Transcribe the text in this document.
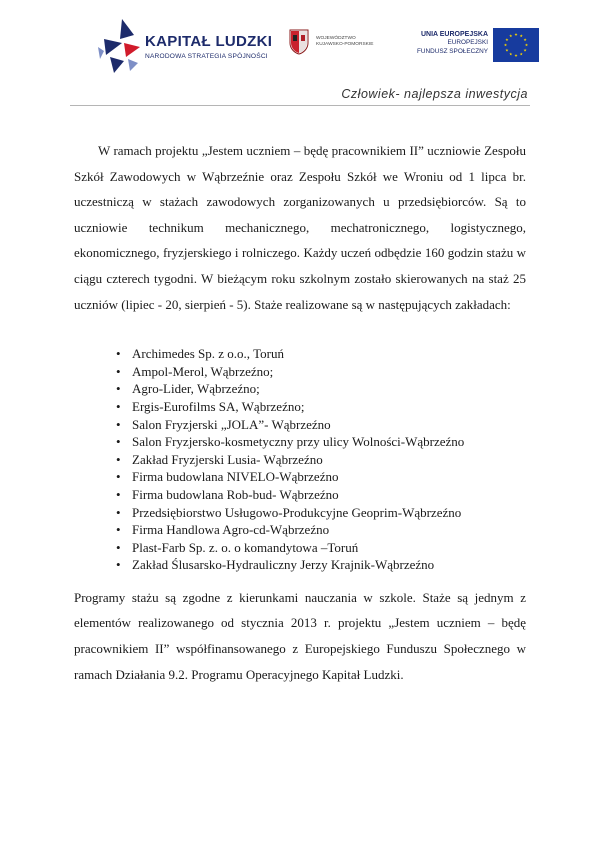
KAPITAŁ LUDZKI
NARODOWA STRATEGIA SPÓJNOŚCI
WOJEWÓDZTWO
KUJAWSKO-POMORSKIE
UNIA EUROPEJSKA
EUROPEJSKI
FUNDUSZ SPOŁECZNY
Człowiek- najlepsza inwestycja

W ramach projektu „Jestem uczniem – będę pracownikiem II” uczniowie Zespołu Szkół Zawodowych w Wąbrzeźnie oraz Zespołu Szkół we Wroniu od 1 lipca br. uczestniczą w stażach zawodowych zorganizowanych u przedsiębiorców. Są to uczniowie technikum mechanicznego, mechatronicznego, logistycznego, ekonomicznego, fryzjerskiego i rolniczego. Każdy uczeń odbędzie 160 godzin stażu w ciągu czterech tygodni. W bieżącym roku szkolnym zostało skierowanych na staż 25 uczniów (lipiec - 20, sierpień - 5). Staże realizowane są w następujących zakładach:

• Archimedes Sp. z o.o., Toruń
• Ampol-Merol, Wąbrzeźno;
• Agro-Lider, Wąbrzeźno;
• Ergis-Eurofilms SA, Wąbrzeźno;
• Salon Fryzjerski „JOLA”- Wąbrzeźno
• Salon Fryzjersko-kosmetyczny przy ulicy Wolności-Wąbrzeźno
• Zakład Fryzjerski Lusia- Wąbrzeźno
• Firma budowlana NIVELO-Wąbrzeźno
• Firma budowlana Rob-bud- Wąbrzeźno
• Przedsiębiorstwo Usługowo-Produkcyjne Geoprim-Wąbrzeźno
• Firma Handlowa Agro-cd-Wąbrzeźno
• Plast-Farb Sp. z. o. o komandytowa –Toruń
• Zakład Ślusarsko-Hydrauliczny Jerzy Krajnik-Wąbrzeźno

Programy stażu są zgodne z kierunkami nauczania w szkole. Staże są jednym z elementów realizowanego od stycznia 2013 r. projektu „Jestem uczniem – będę pracownikiem II” współfinansowanego z Europejskiego Funduszu Społecznego w ramach Działania 9.2. Programu Operacyjnego Kapitał Ludzki.
